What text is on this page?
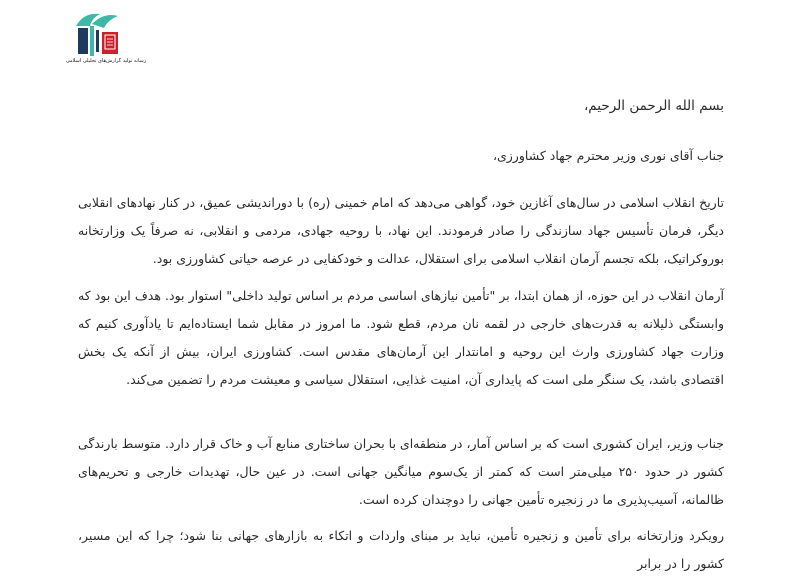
رسانه‌ تولید گزارش‌های تحلیلی اسلامی

بسم الله الرحمن الرحیم،

جناب آقای نوری وزیر محترم جهاد کشاورزی،

تاریخ انقلاب اسلامی در سال‌های آغازین خود، گواهی می‌دهد که امام خمینی (ره) با دوراندیشی عمیق، در کنار نهادهای انقلابی دیگر، فرمان تأسیس جهاد سازندگی را صادر فرمودند. این نهاد، با روحیه جهادی، مردمی و انقلابی، نه صرفاً یک وزارتخانه بوروکراتیک، بلکه تجسم آرمان انقلاب اسلامی برای استقلال، عدالت و خودکفایی در عرصه حیاتی کشاورزی بود.

آرمان انقلاب در این حوزه، از همان ابتدا، بر "تأمین نیازهای اساسی مردم بر اساس تولید داخلی" استوار بود. هدف این بود که وابستگی ذلیلانه به قدرت‌های خارجی در لقمه نان مردم، قطع شود. ما امروز در مقابل شما ایستاده‌ایم تا یادآوری کنیم که وزارت جهاد کشاورزی وارث این روحیه و امانتدار این آرمان‌های مقدس است. کشاورزی ایران، بیش از آنکه یک بخش اقتصادی باشد، یک سنگر ملی است که پایداری آن، امنیت غذایی، استقلال سیاسی و معیشت مردم را تضمین می‌کند.

جناب وزیر، ایران کشوری است که بر اساس آمار، در منطقه‌ای با بحران ساختاری منابع آب و خاک قرار دارد. متوسط بارندگی کشور در حدود ۲۵۰ میلی‌متر است که کمتر از یک‌سوم میانگین جهانی است. در عین حال، تهدیدات خارجی و تحریم‌های ظالمانه، آسیب‌پذیری ما در زنجیره تأمین جهانی را دوچندان کرده است.

رویکرد وزارتخانه برای تأمین و زنجیره تأمین، نباید بر مبنای واردات و اتکاء به بازارهای جهانی بنا شود؛ چرا که این مسیر، کشور را در برابر
